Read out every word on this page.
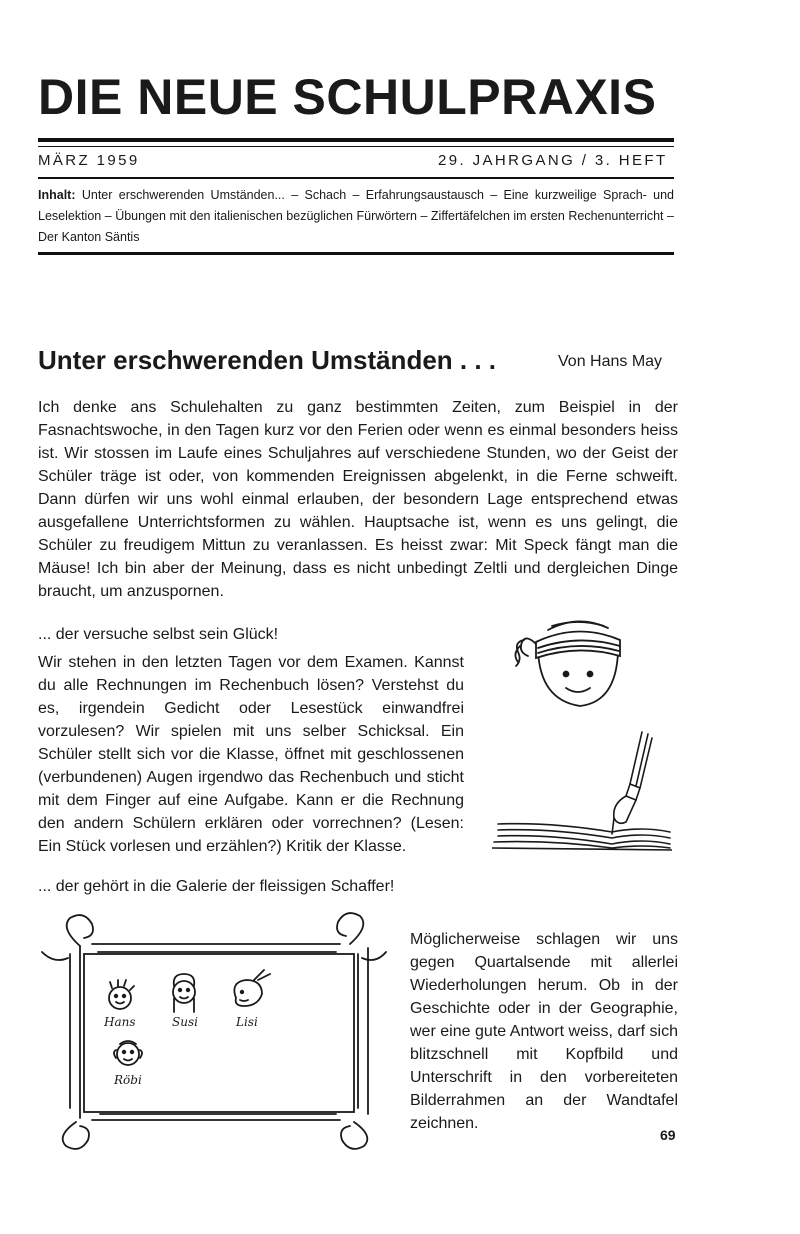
DIE NEUE SCHULPRAXIS
MÄRZ 1959	29. JAHRGANG / 3. HEFT
Inhalt: Unter erschwerenden Umständen... – Schach – Erfahrungsaustausch – Eine kurzweilige Sprach- und Leselektion – Übungen mit den italienischen bezüglichen Fürwörtern – Ziffertäfelchen im ersten Rechenunterricht – Der Kanton Säntis
Unter erschwerenden Umständen . . .	Von Hans May
Ich denke ans Schulehalten zu ganz bestimmten Zeiten, zum Beispiel in der Fasnachtswoche, in den Tagen kurz vor den Ferien oder wenn es einmal besonders heiss ist. Wir stossen im Laufe eines Schuljahres auf verschiedene Stunden, wo der Geist der Schüler träge ist oder, von kommenden Ereignissen abgelenkt, in die Ferne schweift. Dann dürfen wir uns wohl einmal erlauben, der besondern Lage entsprechend etwas ausgefallene Unterrichtsformen zu wählen. Hauptsache ist, wenn es uns gelingt, die Schüler zu freudigem Mittun zu veranlassen. Es heisst zwar: Mit Speck fängt man die Mäuse! Ich bin aber der Meinung, dass es nicht unbedingt Zeltli und dergleichen Dinge braucht, um anzuspornen.
... der versuche selbst sein Glück!
Wir stehen in den letzten Tagen vor dem Examen. Kannst du alle Rechnungen im Rechenbuch lösen? Verstehst du es, irgendein Gedicht oder Lesestück einwandfrei vorzulesen? Wir spielen mit uns selber Schicksal. Ein Schüler stellt sich vor die Klasse, öffnet mit geschlossenen (verbundenen) Augen irgendwo das Rechenbuch und sticht mit dem Finger auf eine Aufgabe. Kann er die Rechnung den andern Schülern erklären oder vorrechnen? (Lesen: Ein Stück vorlesen und erzählen?) Kritik der Klasse.
... der gehört in die Galerie der fleissigen Schaffer!
Hans	Susi	Lisi
Röbi
Möglicherweise schlagen wir uns gegen Quartalsende mit allerlei Wiederholungen herum. Ob in der Geschichte oder in der Geographie, wer eine gute Antwort weiss, darf sich blitzschnell mit Kopfbild und Unterschrift in den vorbereiteten Bilderrahmen an der Wandtafel zeichnen.
69
